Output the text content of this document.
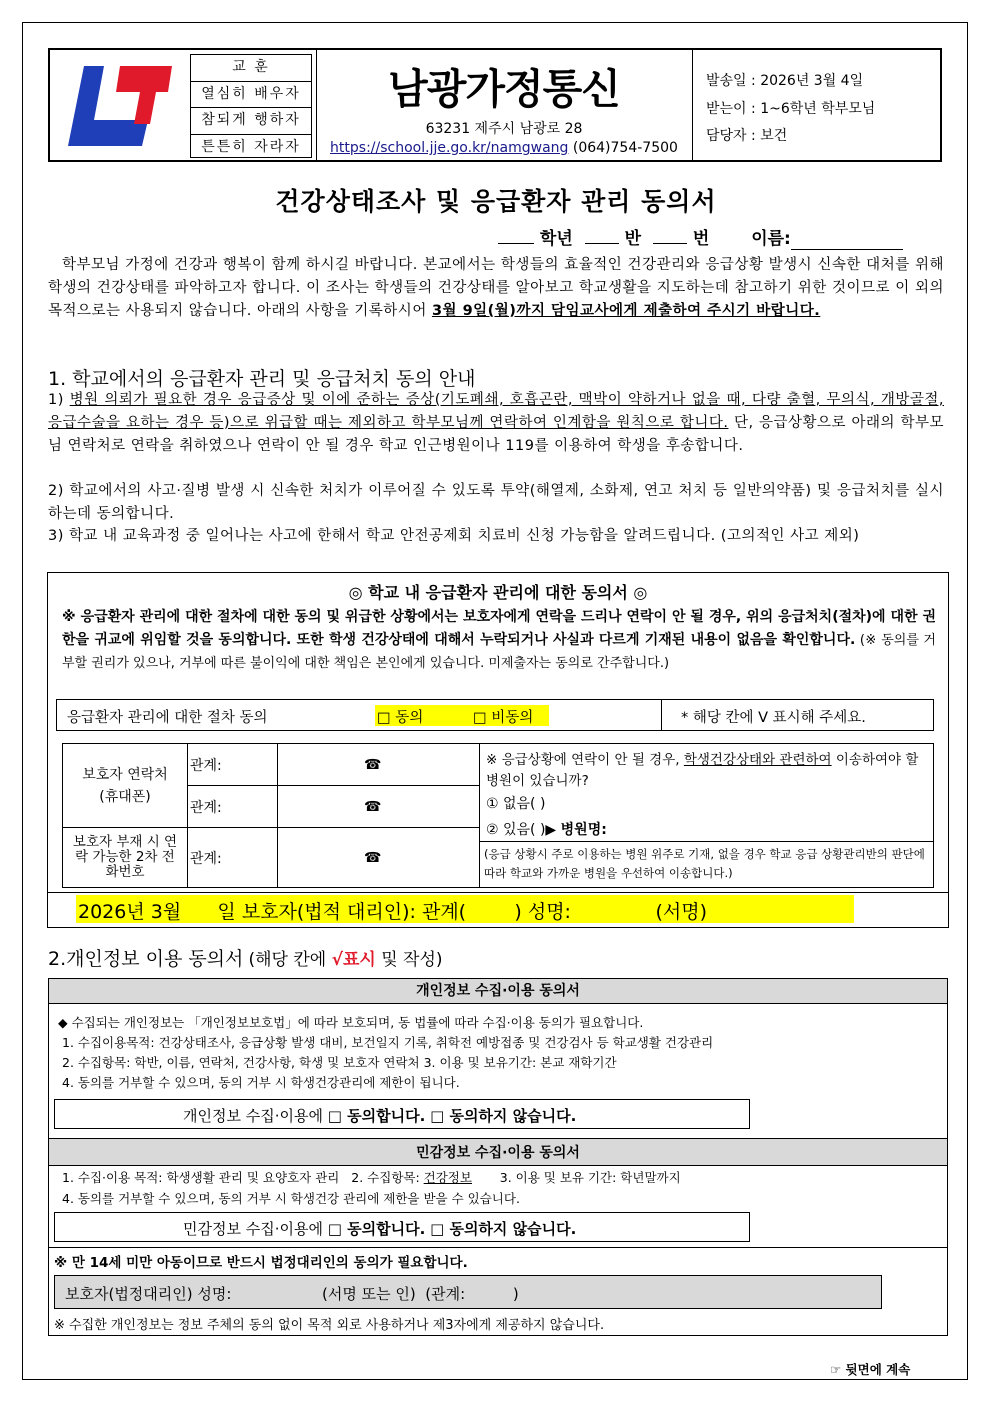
교 훈
열심히 배우자
참되게 행하자
튼튼히 자라자
남광가정통신
63231 제주시 남광로 28
https://school.jje.go.kr/namgwang (064)754-7500
발송일 : 2026년 3월 4일
받는이 : 1~6학년 학부모님
담당자 : 보건
건강상태조사 및 응급환자 관리 동의서
학년	반	번 이름:
학부모님 가정에 건강과 행복이 함께 하시길 바랍니다. 본교에서는 학생들의 효율적인 건강관리와 응급상황 발생시 신속한 대처를 위해 학생의 건강상태를 파악하고자 합니다. 이 조사는 학생들의 건강상태를 알아보고 학교생활을 지도하는데 참고하기 위한 것이므로 이 외의 목적으로는 사용되지 않습니다. 아래의 사항을 기록하시어 3월 9일(월)까지 담임교사에게 제출하여 주시기 바랍니다.
1. 학교에서의 응급환자 관리 및 응급처치 동의 안내
1) 병원 의뢰가 필요한 경우 응급증상 및 이에 준하는 증상(기도폐쇄, 호흡곤란, 맥박이 약하거나 없을 때, 다량 출혈, 무의식, 개방골절, 응급수술을 요하는 경우 등)으로 위급할 때는 제외하고 학부모님께 연락하여 인계함을 원칙으로 합니다. 단, 응급상황으로 아래의 학부모님 연락처로 연락을 취하였으나 연락이 안 될 경우 학교 인근병원이나 119를 이용하여 학생을 후송합니다.
2) 학교에서의 사고·질병 발생 시 신속한 처치가 이루어질 수 있도록 투약(해열제, 소화제, 연고 처치 등 일반의약품) 및 응급처치를 실시하는데 동의합니다.
3) 학교 내 교육과정 중 일어나는 사고에 한해서 학교 안전공제회 치료비 신청 가능함을 알려드립니다. (고의적인 사고 제외)
◎ 학교 내 응급환자 관리에 대한 동의서 ◎
※ 응급환자 관리에 대한 절차에 대한 동의 및 위급한 상황에서는 보호자에게 연락을 드리나 연락이 안 될 경우, 위의 응급처치(절차)에 대한 권한을 귀교에 위임할 것을 동의합니다. 또한 학생 건강상태에 대해서 누락되거나 사실과 다르게 기재된 내용이 없음을 확인합니다. (※ 동의를 거부할 권리가 있으나, 거부에 따른 불이익에 대한 책임은 본인에게 있습니다. 미제출자는 동의로 간주합니다.)
응급환자 관리에 대한 절차 동의	□ 동의	□ 비동의	* 해당 칸에 V 표시해 주세요.
보호자 연락처
(휴대폰)	관계:	☎
	관계:	☎
보호자 부재 시 연락 가능한 2차 전화번호	관계:	☎
※ 응급상황에 연락이 안 될 경우, 학생건강상태와 관련하여 이송하여야 할 병원이 있습니까?
① 없음( )
② 있음( )▶ 병원명:
(응급 상황시 주로 이용하는 병원 위주로 기재, 없을 경우 학교 응급 상황관리반의 판단에 따라 학교와 가까운 병원을 우선하여 이송합니다.)
2026년 3월      일 보호자(법적 대리인): 관계(        ) 성명:              (서명)
2.개인정보 이용 동의서 (해당 칸에 √표시 및 작성)
개인정보 수집·이용 동의서
◆ 수집되는 개인정보는 「개인정보보호법」에 따라 보호되며, 동 법률에 따라 수집·이용 동의가 필요합니다.
1. 수집이용목적: 건강상태조사, 응급상황 발생 대비, 보건일지 기록, 취학전 예방접종 및 건강검사 등 학교생활 건강관리
2. 수집항목: 학반, 이름, 연락처, 건강사항, 학생 및 보호자 연락처 3. 이용 및 보유기간: 본교 재학기간
4. 동의를 거부할 수 있으며, 동의 거부 시 학생건강관리에 제한이 됩니다.
개인정보 수집·이용에 □ 동의합니다. □ 동의하지 않습니다.
민감정보 수집·이용 동의서
1. 수집·이용 목적: 학생생활 관리 및 요양호자 관리   2. 수집항목: 건강정보       3. 이용 및 보유 기간: 학년말까지
4. 동의를 거부할 수 있으며, 동의 거부 시 학생건강 관리에 제한을 받을 수 있습니다.
민감정보 수집·이용에 □ 동의합니다. □ 동의하지 않습니다.
※ 만 14세 미만 아동이므로 반드시 법정대리인의 동의가 필요합니다.
보호자(법정대리인) 성명:                   (서명 또는 인)  (관계:          )
※ 수집한 개인정보는 정보 주체의 동의 없이 목적 외로 사용하거나 제3자에게 제공하지 않습니다.
☞ 뒷면에 계속
